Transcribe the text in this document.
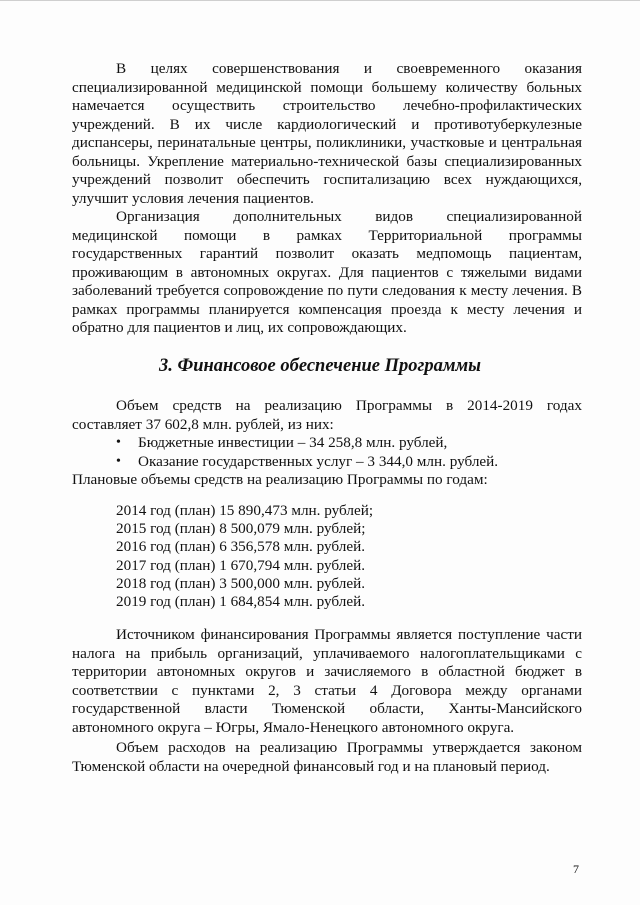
В целях совершенствования и своевременного оказания специализированной медицинской помощи большему количеству больных намечается осуществить строительство лечебно-профилактических учреждений. В их числе кардиологический и противотуберкулезные диспансеры, перинатальные центры, поликлиники, участковые и центральная больницы. Укрепление материально-технической базы специализированных учреждений позволит обеспечить госпитализацию всех нуждающихся, улучшит условия лечения пациентов.

Организация дополнительных видов специализированной медицинской помощи в рамках Территориальной программы государственных гарантий позволит оказать медпомощь пациентам, проживающим в автономных округах. Для пациентов с тяжелыми видами заболеваний требуется сопровождение по пути следования к месту лечения. В рамках программы планируется компенсация проезда к месту лечения и обратно для пациентов и лиц, их сопровождающих.

3. Финансовое обеспечение Программы

Объем средств на реализацию Программы в 2014-2019 годах составляет 37 602,8 млн. рублей, из них:

• Бюджетные инвестиции – 34 258,8 млн. рублей,
• Оказание государственных услуг – 3 344,0 млн. рублей.

Плановые объемы средств на реализацию Программы по годам:

2014 год (план) 15 890,473 млн. рублей;
2015 год (план) 8 500,079 млн. рублей;
2016 год (план) 6 356,578 млн. рублей.
2017 год (план) 1 670,794 млн. рублей.
2018 год (план) 3 500,000 млн. рублей.
2019 год (план) 1 684,854 млн. рублей.

Источником финансирования Программы является поступление части налога на прибыль организаций, уплачиваемого налогоплательщиками с территории автономных округов и зачисляемого в областной бюджет в соответствии с пунктами 2, 3 статьи 4 Договора между органами государственной власти Тюменской области, Ханты-Мансийского автономного округа – Югры, Ямало-Ненецкого автономного округа.

Объем расходов на реализацию Программы утверждается законом Тюменской области на очередной финансовый год и на плановый период.

7
